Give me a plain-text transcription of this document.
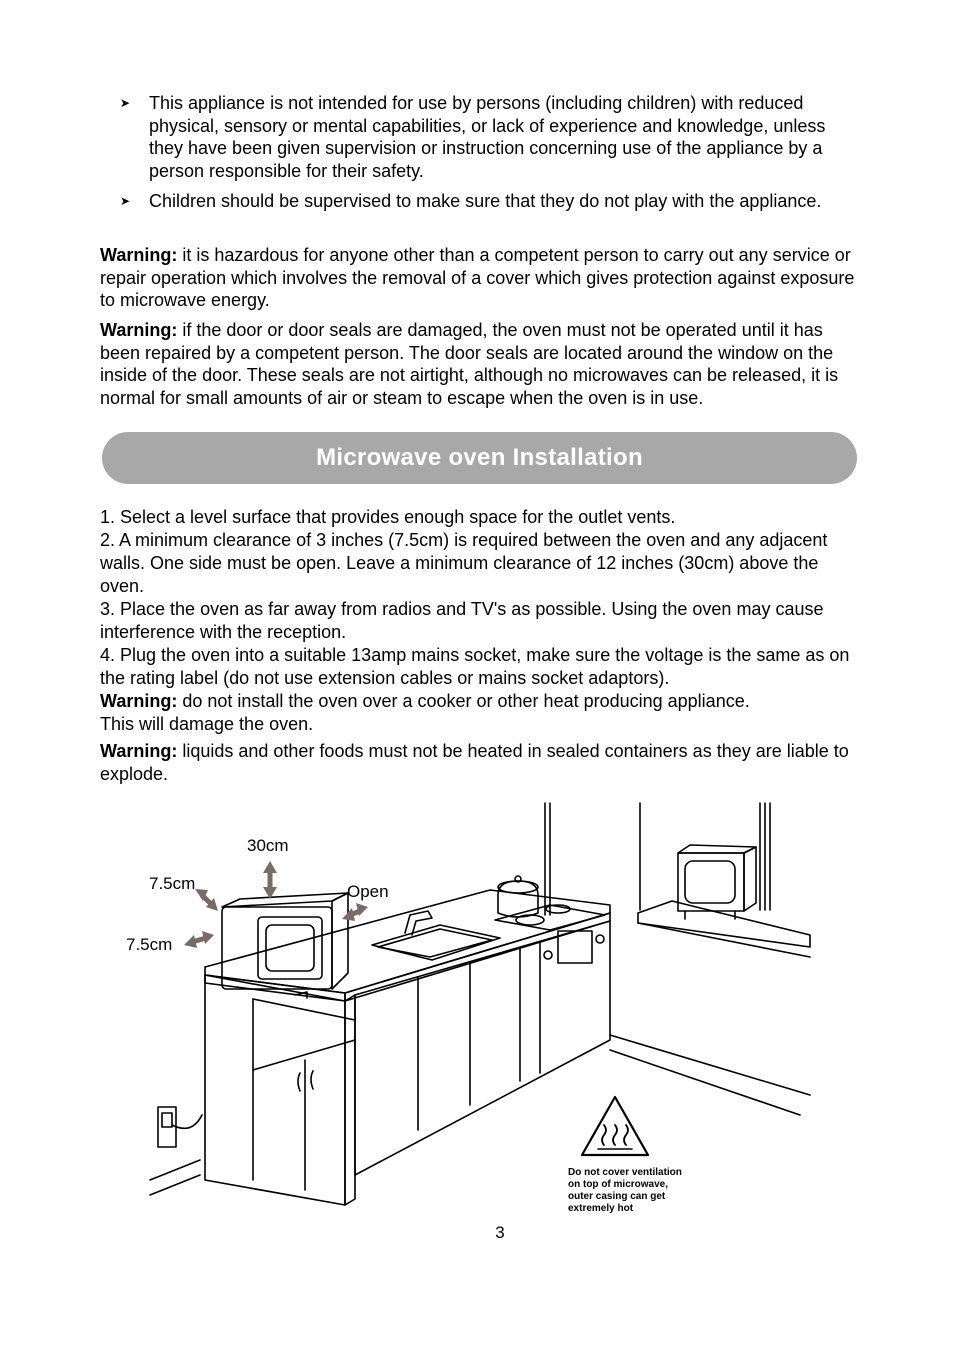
➤ This appliance is not intended for use by persons (including children) with reduced physical, sensory or mental capabilities, or lack of experience and knowledge, unless they have been given supervision or instruction concerning use of the appliance by a person responsible for their safety.
➤ Children should be supervised to make sure that they do not play with the appliance.

Warning: it is hazardous for anyone other than a competent person to carry out any service or repair operation which involves the removal of a cover which gives protection against exposure to microwave energy.

Warning: if the door or door seals are damaged, the oven must not be operated until it has been repaired by a competent person. The door seals are located around the window on the inside of the door. These seals are not airtight, although no microwaves can be released, it is normal for small amounts of air or steam to escape when the oven is in use.

Microwave oven Installation
1. Select a level surface that provides enough space for the outlet vents.
2. A minimum clearance of 3 inches (7.5cm) is required between the oven and any adjacent walls. One side must be open. Leave a minimum clearance of 12 inches (30cm) above the oven.
3. Place the oven as far away from radios and TV's as possible. Using the oven may cause interference with the reception.
4. Plug the oven into a suitable 13amp mains socket, make sure the voltage is the same as on the rating label (do not use extension cables or mains socket adaptors).
Warning: do not install the oven over a cooker or other heat producing appliance.
This will damage the oven.
Warning: liquids and other foods must not be heated in sealed containers as they are liable to explode.
30cm
7.5cm
7.5cm
Open
Do not cover ventilation
on top of microwave,
outer casing can get
extremely hot
3
